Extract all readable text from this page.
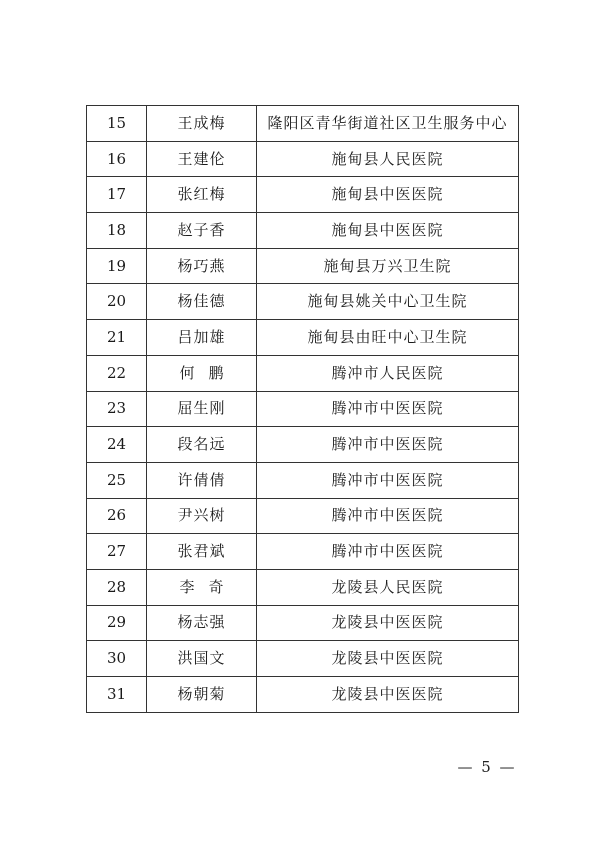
15	王成梅	隆阳区青华街道社区卫生服务中心
16	王建伦	施甸县人民医院
17	张红梅	施甸县中医医院
18	赵子香	施甸县中医医院
19	杨巧燕	施甸县万兴卫生院
20	杨佳德	施甸县姚关中心卫生院
21	吕加雄	施甸县由旺中心卫生院
22	何鹏	腾冲市人民医院
23	屈生刚	腾冲市中医医院
24	段名远	腾冲市中医医院
25	许倩倩	腾冲市中医医院
26	尹兴树	腾冲市中医医院
27	张君斌	腾冲市中医医院
28	李奇	龙陵县人民医院
29	杨志强	龙陵县中医医院
30	洪国文	龙陵县中医医院
31	杨朝菊	龙陵县中医医院
— 5 —
